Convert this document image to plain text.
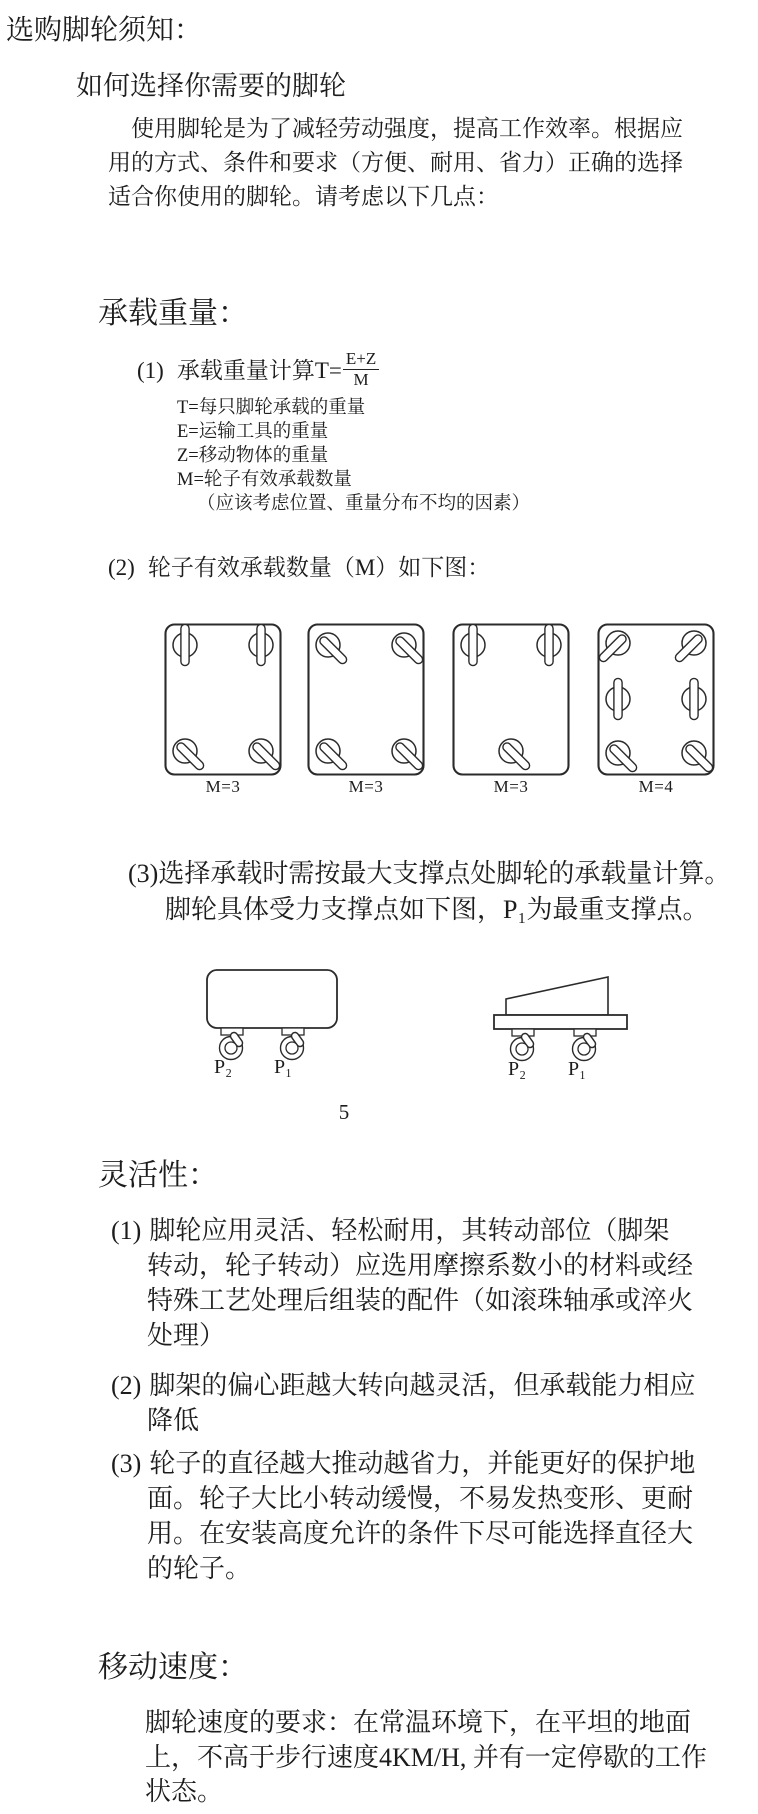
选购脚轮须知：
如何选择你需要的脚轮
使用脚轮是为了减轻劳动强度，提高工作效率。根据应
用的方式、条件和要求（方便、耐用、省力）正确的选择
适合你使用的脚轮。请考虑以下几点：
承载重量：
(1) 承载重量计算$T= \frac{E+Z}{M}$
T=每只脚轮承载的重量
E=运输工具的重量
Z=移动物体的重量
M=轮子有效承载数量
（应该考虑位置、重量分布不均的因素）
(2) 轮子有效承载数量（M）如下图：
M=3	M=3	M=3	M=4
(3)选择承载时需按最大支撑点处脚轮的承载量计算。
脚轮具体受力支撑点如下图，P₁为最重支撑点。
P₂ P₁	P₂ P₁
5
灵活性：
(1) 脚轮应用灵活、轻松耐用，其转动部位（脚架
转动，轮子转动）应选用摩擦系数小的材料或经
特殊工艺处理后组装的配件（如滚珠轴承或淬火
处理）
(2) 脚架的偏心距越大转向越灵活，但承载能力相应
降低
(3) 轮子的直径越大推动越省力，并能更好的保护地
面。轮子大比小转动缓慢，不易发热变形、更耐
用。在安装高度允许的条件下尽可能选择直径大
的轮子。
移动速度：
脚轮速度的要求：在常温环境下，在平坦的地面
上，不高于步行速度4KM/H, 并有一定停歇的工作
状态。
